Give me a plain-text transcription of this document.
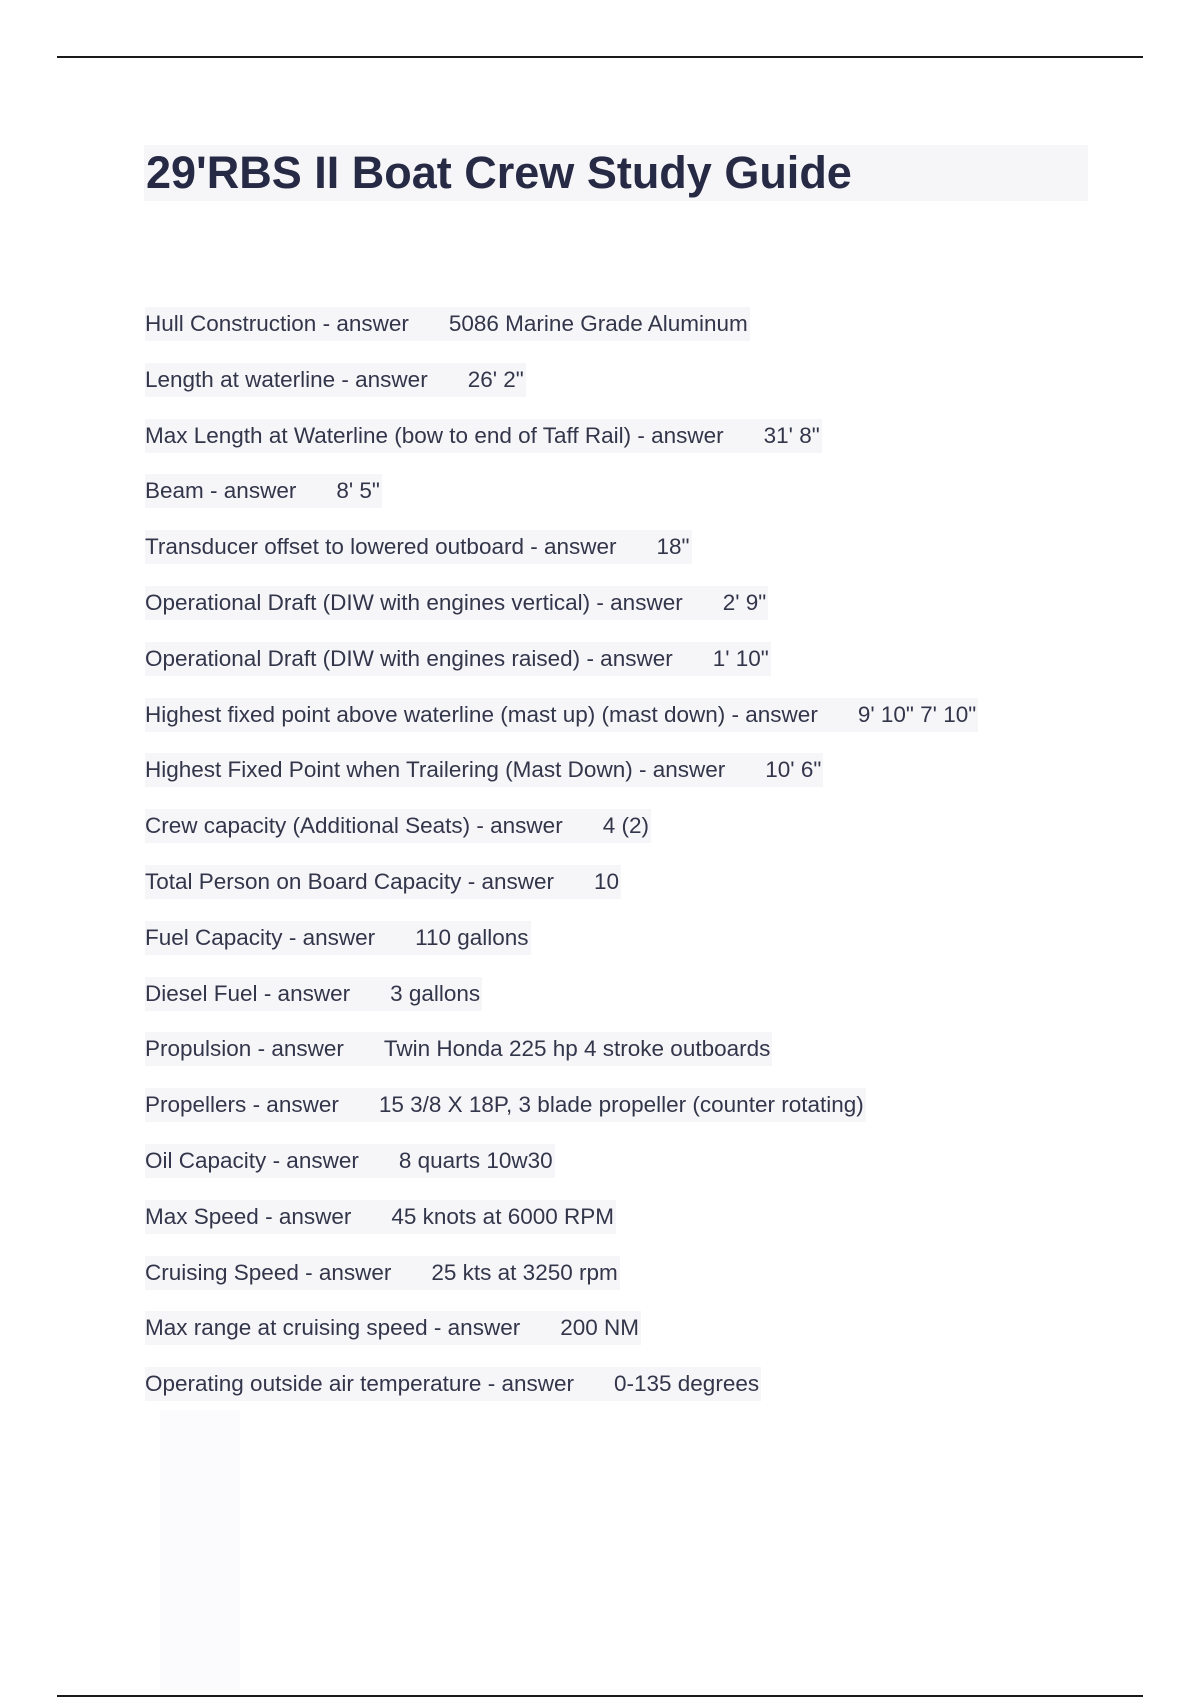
29'RBS II Boat Crew Study Guide
Hull Construction - answer 5086 Marine Grade Aluminum
Length at waterline - answer 26' 2"
Max Length at Waterline (bow to end of Taff Rail) - answer 31' 8"
Beam - answer 8' 5"
Transducer offset to lowered outboard - answer 18"
Operational Draft (DIW with engines vertical) - answer 2' 9"
Operational Draft (DIW with engines raised) - answer 1' 10"
Highest fixed point above waterline (mast up) (mast down) - answer 9' 10" 7' 10"
Highest Fixed Point when Trailering (Mast Down) - answer 10' 6"
Crew capacity (Additional Seats) - answer 4 (2)
Total Person on Board Capacity - answer 10
Fuel Capacity - answer 110 gallons
Diesel Fuel - answer 3 gallons
Propulsion - answer Twin Honda 225 hp 4 stroke outboards
Propellers - answer 15 3/8 X 18P, 3 blade propeller (counter rotating)
Oil Capacity - answer 8 quarts 10w30
Max Speed - answer 45 knots at 6000 RPM
Cruising Speed - answer 25 kts at 3250 rpm
Max range at cruising speed - answer 200 NM
Operating outside air temperature - answer 0-135 degrees
